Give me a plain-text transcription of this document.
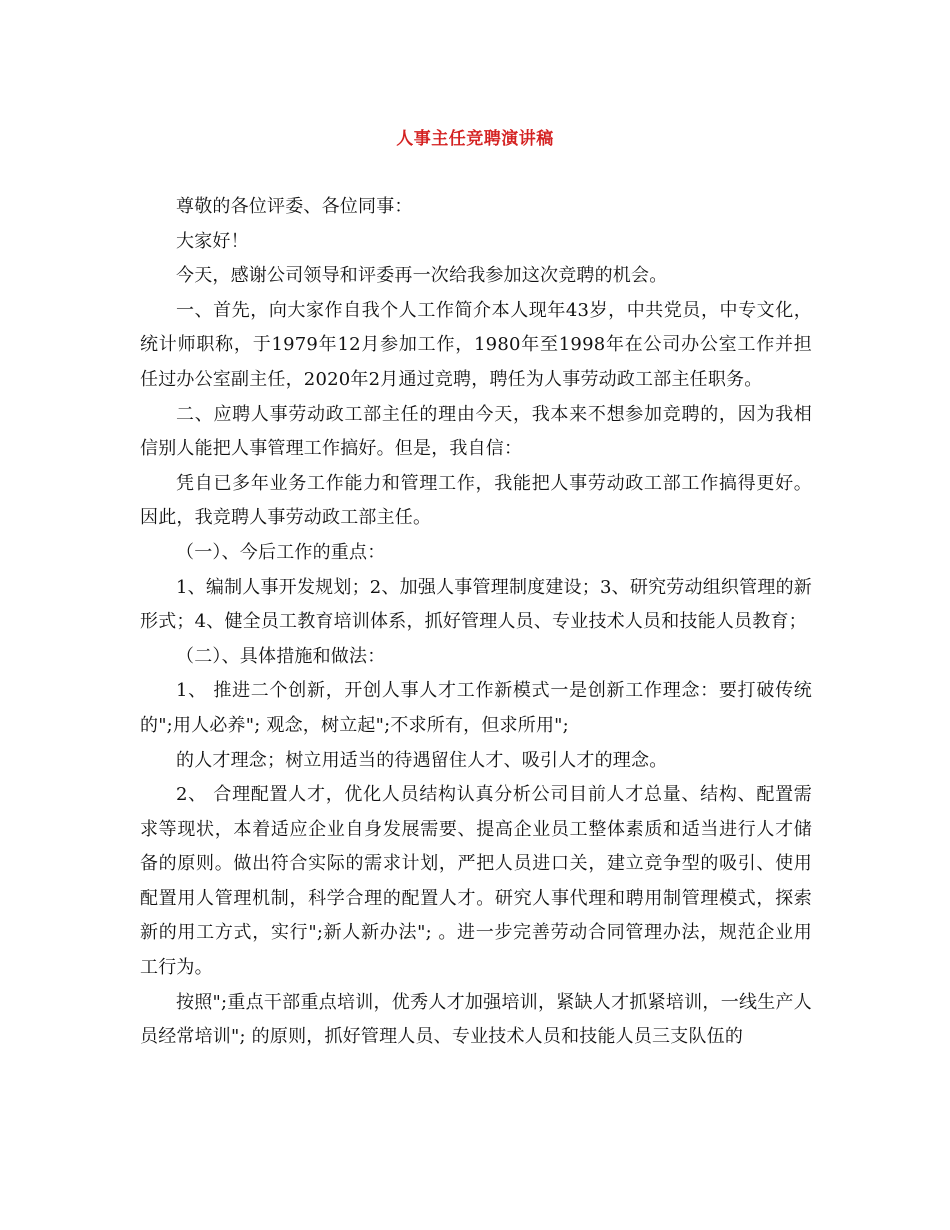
人事主任竞聘演讲稿

尊敬的各位评委、各位同事：

大家好！

今天，感谢公司领导和评委再一次给我参加这次竞聘的机会。

一、首先，向大家作自我个人工作简介本人现年43岁，中共党员，中专文化，统计师职称，于1979年12月参加工作，1980年至1998年在公司办公室工作并担任过办公室副主任，2020年2月通过竞聘，聘任为人事劳动政工部主任职务。

二、应聘人事劳动政工部主任的理由今天，我本来不想参加竞聘的，因为我相信别人能把人事管理工作搞好。但是，我自信：

凭自已多年业务工作能力和管理工作，我能把人事劳动政工部工作搞得更好。因此，我竞聘人事劳动政工部主任。

（一）、今后工作的重点：

1、编制人事开发规划；2、加强人事管理制度建设；3、研究劳动组织管理的新形式；4、健全员工教育培训体系，抓好管理人员、专业技术人员和技能人员教育；

（二）、具体措施和做法：

1、 推进二个创新，开创人事人才工作新模式一是创新工作理念：要打破传统的";用人必养"; 观念，树立起";不求所有，但求所用";

的人才理念；树立用适当的待遇留住人才、吸引人才的理念。

2、 合理配置人才，优化人员结构认真分析公司目前人才总量、结构、配置需求等现状，本着适应企业自身发展需要、提高企业员工整体素质和适当进行人才储备的原则。做出符合实际的需求计划，严把人员进口关，建立竞争型的吸引、使用配置用人管理机制，科学合理的配置人才。研究人事代理和聘用制管理模式，探索新的用工方式，实行";新人新办法"; 。进一步完善劳动合同管理办法，规范企业用工行为。

按照";重点干部重点培训，优秀人才加强培训，紧缺人才抓紧培训，一线生产人员经常培训"; 的原则，抓好管理人员、专业技术人员和技能人员三支队伍的
